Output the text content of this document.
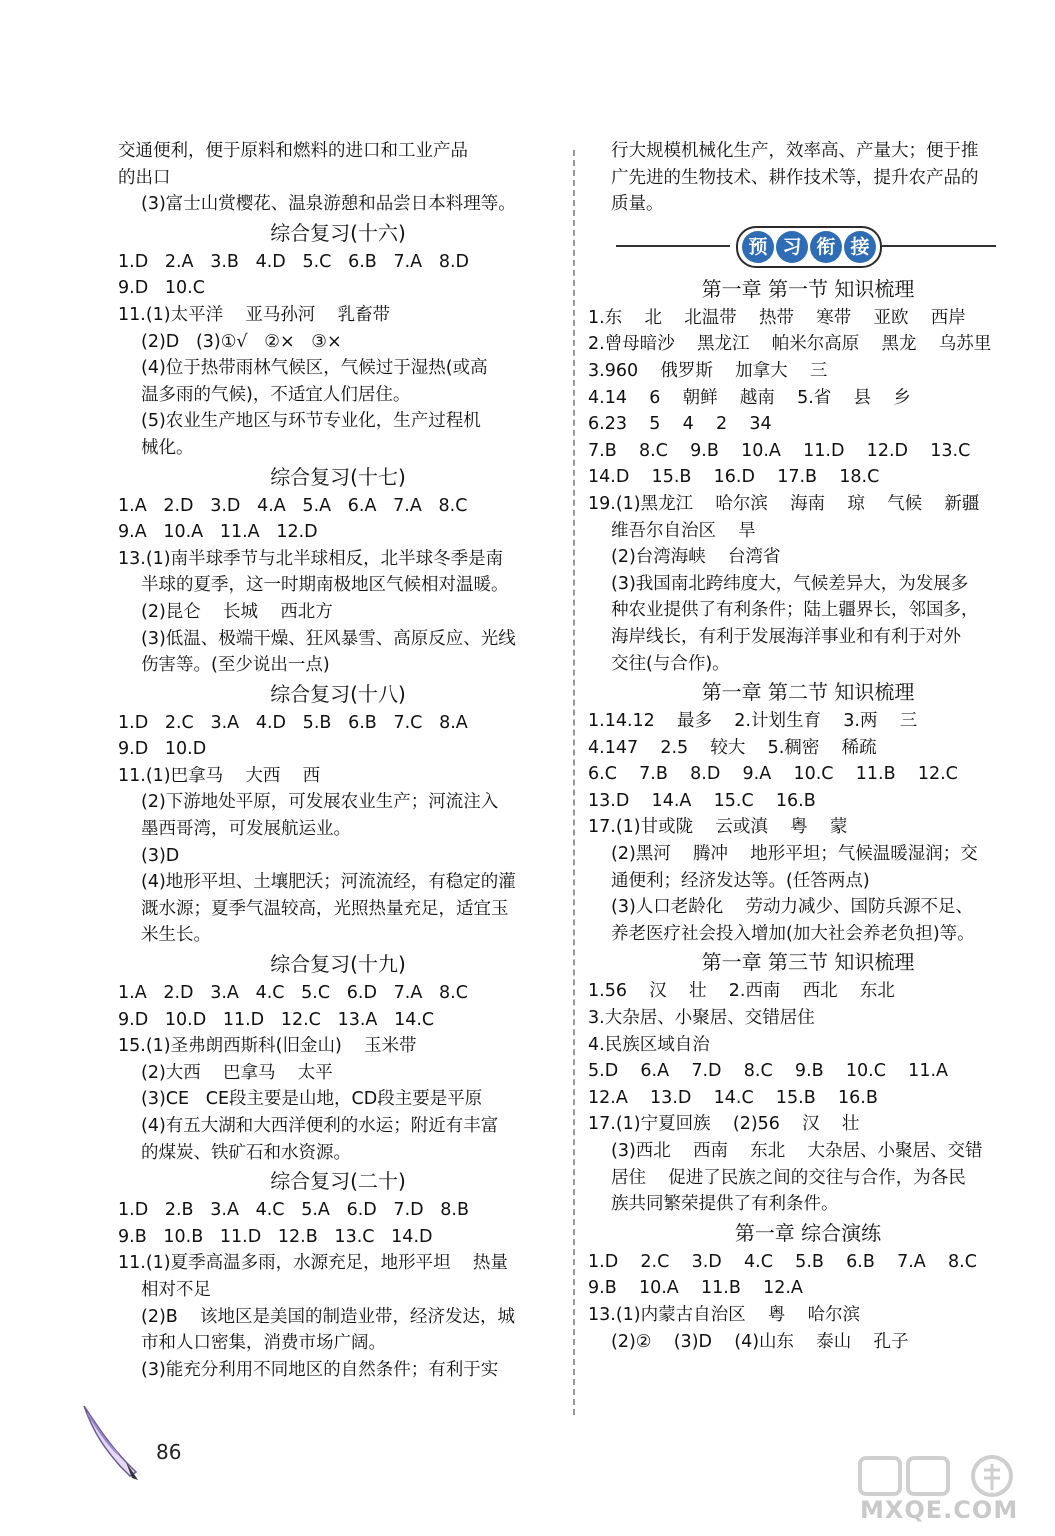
交通便利，便于原料和燃料的进口和工业产品
的出口
(3)富士山赏樱花、温泉游憩和品尝日本料理等。
综合复习(十六)
1.D   2.A   3.B   4.D   5.C   6.B   7.A   8.D
9.D   10.C
11.(1)太平洋    亚马孙河    乳畜带
(2)D   (3)①√   ②×   ③×
(4)位于热带雨林气候区，气候过于湿热(或高
温多雨的气候)，不适宜人们居住。
(5)农业生产地区与环节专业化，生产过程机
械化。
综合复习(十七)
1.A   2.D   3.D   4.A   5.A   6.A   7.A   8.C
9.A   10.A   11.A   12.D
13.(1)南半球季节与北半球相反，北半球冬季是南
半球的夏季，这一时期南极地区气候相对温暖。
(2)昆仑    长城    西北方
(3)低温、极端干燥、狂风暴雪、高原反应、光线
伤害等。(至少说出一点)
综合复习(十八)
1.D   2.C   3.A   4.D   5.B   6.B   7.C   8.A
9.D   10.D
11.(1)巴拿马    大西    西
(2)下游地处平原，可发展农业生产；河流注入
墨西哥湾，可发展航运业。
(3)D
(4)地形平坦、土壤肥沃；河流流经，有稳定的灌
溉水源；夏季气温较高，光照热量充足，适宜玉
米生长。
综合复习(十九)
1.A   2.D   3.A   4.C   5.C   6.D   7.A   8.C
9.D   10.D   11.D   12.C   13.A   14.C
15.(1)圣弗朗西斯科(旧金山)    玉米带
(2)大西    巴拿马    太平
(3)CE   CE段主要是山地，CD段主要是平原
(4)有五大湖和大西洋便利的水运；附近有丰富
的煤炭、铁矿石和水资源。
综合复习(二十)
1.D   2.B   3.A   4.C   5.A   6.D   7.D   8.B
9.B   10.B   11.D   12.B   13.C   14.D
11.(1)夏季高温多雨，水源充足，地形平坦    热量
相对不足
(2)B    该地区是美国的制造业带，经济发达，城
市和人口密集，消费市场广阔。
(3)能充分利用不同地区的自然条件；有利于实
行大规模机械化生产，效率高、产量大；便于推
广先进的生物技术、耕作技术等，提升农产品的
质量。
预 习 衔 接
第一章 第一节 知识梳理
1.东    北    北温带    热带    寒带    亚欧    西岸
2.曾母暗沙    黑龙江    帕米尔高原    黑龙    乌苏里
3.960    俄罗斯    加拿大    三
4.14    6    朝鲜    越南    5.省    县    乡
6.23    5    4    2    34
7.B    8.C    9.B    10.A    11.D    12.D    13.C
14.D    15.B    16.D    17.B    18.C
19.(1)黑龙江    哈尔滨    海南    琼    气候    新疆
维吾尔自治区    旱
(2)台湾海峡    台湾省
(3)我国南北跨纬度大，气候差异大，为发展多
种农业提供了有利条件；陆上疆界长，邻国多，
海岸线长，有利于发展海洋事业和有利于对外
交往(与合作)。
第一章 第二节 知识梳理
1.14.12    最多    2.计划生育    3.两    三
4.147    2.5    较大    5.稠密    稀疏
6.C    7.B    8.D    9.A    10.C    11.B    12.C
13.D    14.A    15.C    16.B
17.(1)甘或陇    云或滇    粤    蒙
(2)黑河    腾冲    地形平坦；气候温暖湿润；交
通便利；经济发达等。(任答两点)
(3)人口老龄化    劳动力减少、国防兵源不足、
养老医疗社会投入增加(加大社会养老负担)等。
第一章 第三节 知识梳理
1.56    汉    壮    2.西南    西北    东北
3.大杂居、小聚居、交错居住
4.民族区域自治
5.D    6.A    7.D    8.C    9.B    10.C    11.A
12.A    13.D    14.C    15.B    16.B
17.(1)宁夏回族    (2)56    汉    壮
(3)西北    西南    东北    大杂居、小聚居、交错
居住    促进了民族之间的交往与合作，为各民
族共同繁荣提供了有利条件。
第一章 综合演练
1.D    2.C    3.D    4.C    5.B    6.B    7.A    8.C
9.B    10.A    11.B    12.A
13.(1)内蒙古自治区    粤    哈尔滨
(2)②    (3)D    (4)山东    泰山    孔子
86
MXQE.COM
